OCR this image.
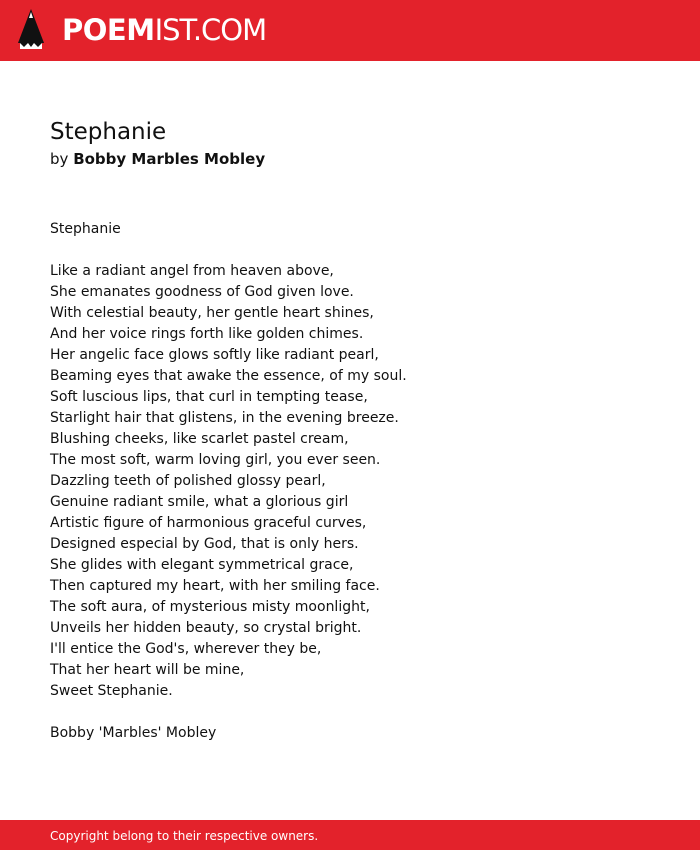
POEMIST.COM
Stephanie
by Bobby Marbles Mobley
Stephanie
Like a radiant angel from heaven above,
She emanates goodness of God given love.
With celestial beauty, her gentle heart shines,
And her voice rings forth like golden chimes.
Her angelic face glows softly like radiant pearl,
Beaming eyes that awake the essence, of my soul.
Soft luscious lips, that curl in tempting tease,
Starlight hair that glistens, in the evening breeze.
Blushing cheeks, like scarlet pastel cream,
The most soft, warm loving girl, you ever seen.
Dazzling teeth of polished glossy pearl,
Genuine radiant smile, what a glorious girl
Artistic figure of harmonious graceful curves,
Designed especial by God, that is only hers.
She glides with elegant symmetrical grace,
Then captured my heart, with her smiling face.
The soft aura, of mysterious misty moonlight,
Unveils her hidden beauty, so crystal bright.
I'll entice the God's, wherever they be,
That her heart will be mine,
Sweet Stephanie.
Bobby 'Marbles' Mobley
Copyright belong to their respective owners.
